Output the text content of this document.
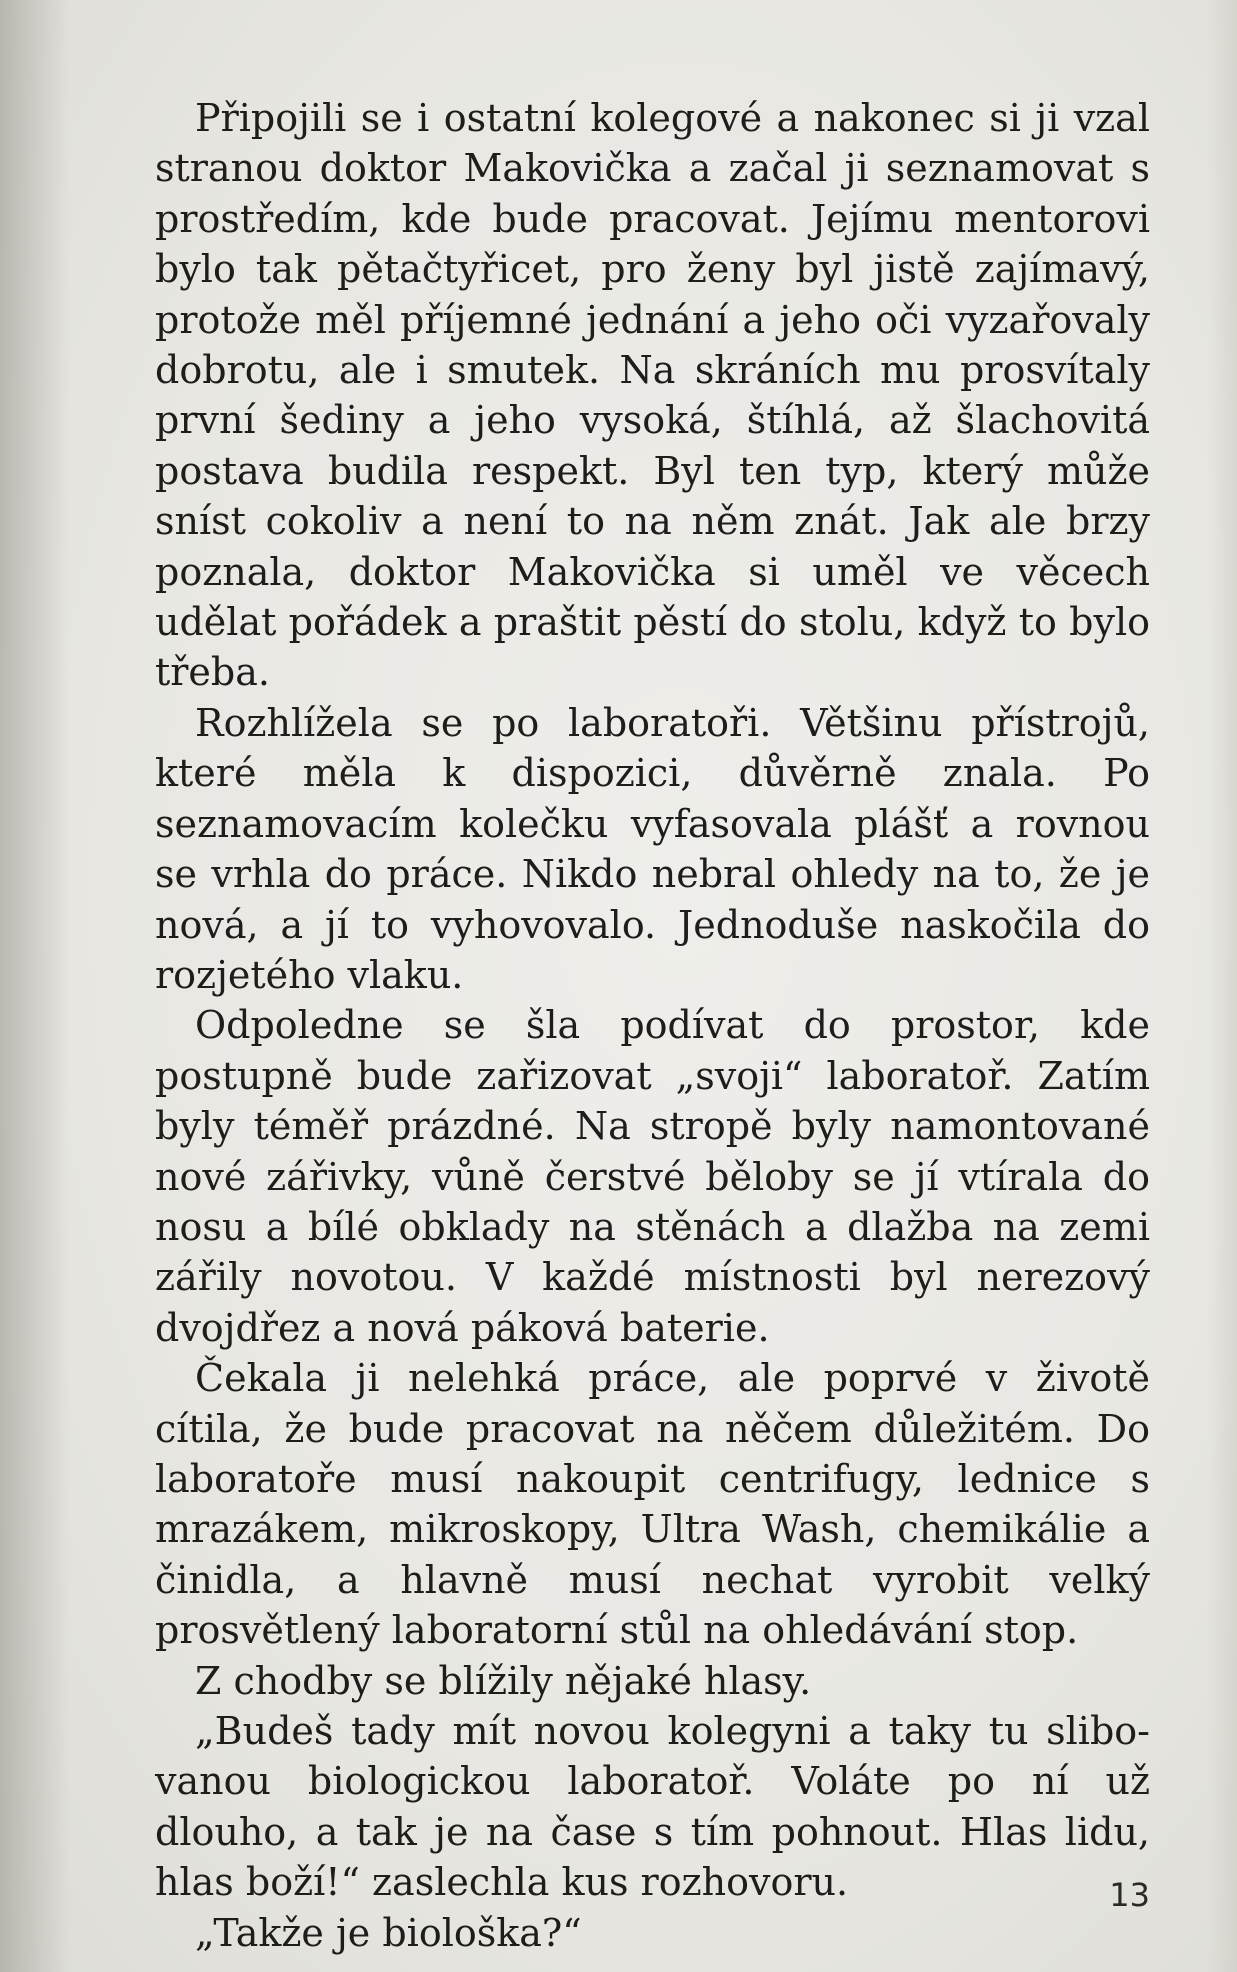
Připojili se i ostatní kolegové a nakonec si ji vzal stranou doktor Makovička a začal ji seznamovat s prostředím, kde bude pracovat. Jejímu mentorovi bylo tak pětačtyřicet, pro ženy byl jistě zajímavý, protože měl příjemné jednání a jeho oči vyzařovaly dobrotu, ale i smutek. Na skráních mu prosvítaly první šediny a jeho vysoká, štíhlá, až šlachovitá postava budila respekt. Byl ten typ, který může sníst cokoliv a není to na něm znát. Jak ale brzy poznala, doktor Makovička si uměl ve věcech udělat pořádek a praštit pěstí do stolu, když to bylo třeba.

Rozhlížela se po laboratoři. Většinu přístrojů, které měla k dispozici, důvěrně znala. Po seznamovacím kolečku vyfasovala plášť a rovnou se vrhla do práce. Nikdo nebral ohledy na to, že je nová, a jí to vyhovovalo. Jednoduše naskočila do rozjetého vlaku.

Odpoledne se šla podívat do prostor, kde postupně bude zařizovat „svoji“ laboratoř. Zatím byly téměř prázdné. Na stropě byly namontované nové zářivky, vůně čerstvé běloby se jí vtírala do nosu a bílé obklady na stěnách a dlažba na zemi zářily novotou. V každé místnosti byl nerezový dvojdřez a nová páková baterie.

Čekala ji nelehká práce, ale poprvé v životě cítila, že bude pracovat na něčem důležitém. Do laboratoře musí nakoupit centrifugy, lednice s mrazákem, mikroskopy, Ultra Wash, chemikálie a činidla, a hlavně musí nechat vyrobit velký prosvětlený laboratorní stůl na ohledávání stop.

Z chodby se blížily nějaké hlasy.

„Budeš tady mít novou kolegyni a taky tu slibovanou biologickou laboratoř. Voláte po ní už dlouho, a tak je na čase s tím pohnout. Hlas lidu, hlas boží!“ zaslechla kus rozhovoru.

„Takže je biološka?“

13
